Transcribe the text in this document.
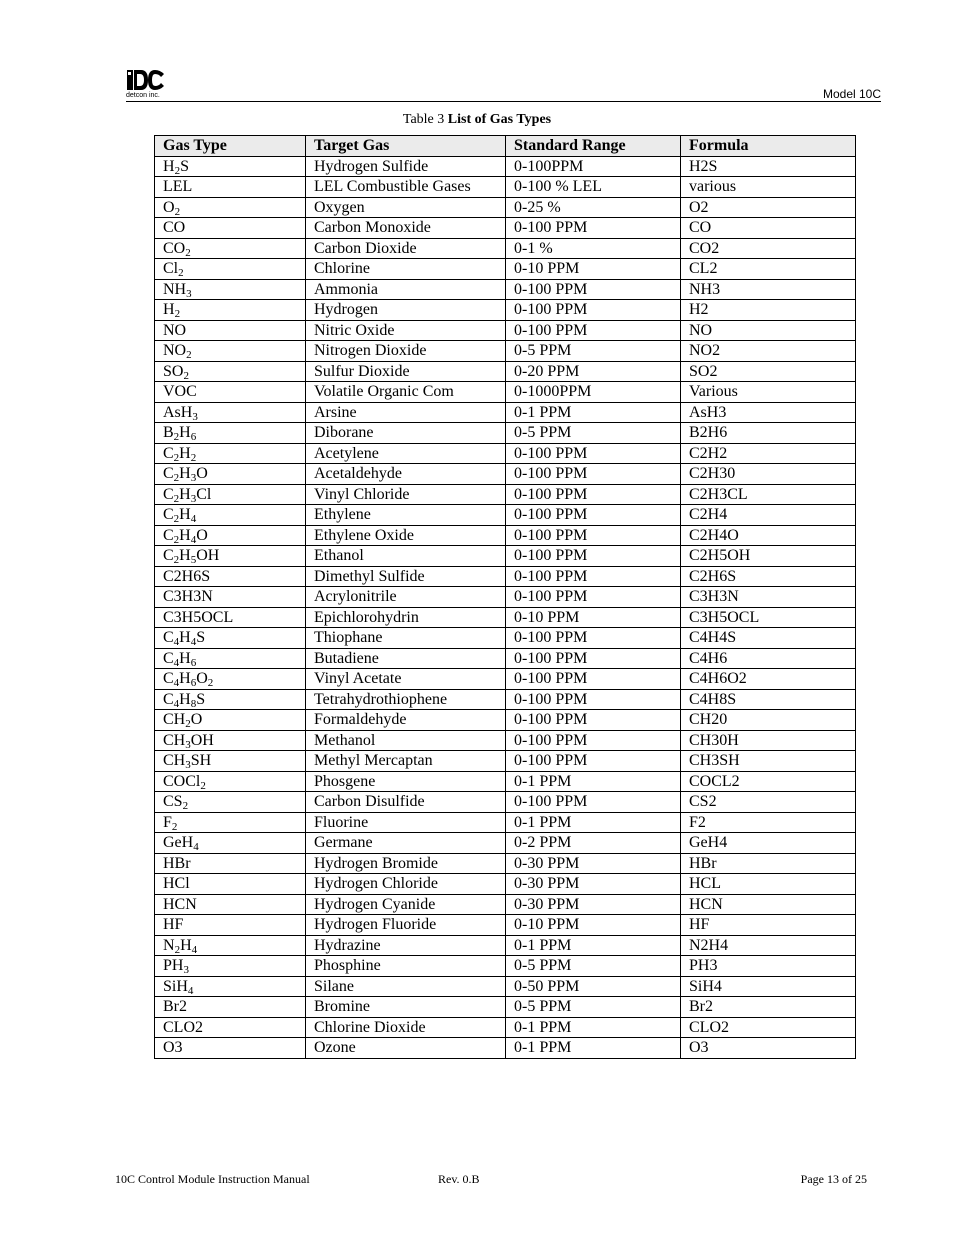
detcon inc.	Model 10C
Table 3 List of Gas Types
Gas Type	Target Gas	Standard Range	Formula
$H_2S$	Hydrogen Sulfide	0-100PPM	H2S
LEL	LEL Combustible Gases	0-100 % LEL	various
$O_2$	Oxygen	0-25 %	O2
CO	Carbon Monoxide	0-100 PPM	CO
$CO_2$	Carbon Dioxide	0-1 %	CO2
$Cl_2$	Chlorine	0-10 PPM	CL2
$NH_3$	Ammonia	0-100 PPM	NH3
$H_2$	Hydrogen	0-100 PPM	H2
NO	Nitric Oxide	0-100 PPM	NO
$NO_2$	Nitrogen Dioxide	0-5 PPM	NO2
$SO_2$	Sulfur Dioxide	0-20 PPM	SO2
VOC	Volatile Organic Com	0-1000PPM	Various
AsH$_3$	Arsine	0-1 PPM	AsH3
$B_2H_6$	Diborane	0-5 PPM	B2H6
$C_2H_2$	Acetylene	0-100 PPM	C2H2
$C_2H_3O$	Acetaldehyde	0-100 PPM	C2H30
$C_2H_3Cl$	Vinyl Chloride	0-100 PPM	C2H3CL
$C_2H_4$	Ethylene	0-100 PPM	C2H4
$C_2H_4O$	Ethylene Oxide	0-100 PPM	C2H4O
$C_2H_5OH$	Ethanol	0-100 PPM	C2H5OH
C2H6S	Dimethyl Sulfide	0-100 PPM	C2H6S
C3H3N	Acrylonitrile	0-100 PPM	C3H3N
C3H5OCL	Epichlorohydrin	0-10 PPM	C3H5OCL
$C_4H_4S$	Thiophane	0-100 PPM	C4H4S
$C_4H_6$	Butadiene	0-100 PPM	C4H6
$C_4H_6O_2$	Vinyl Acetate	0-100 PPM	C4H6O2
$C_4H_8S$	Tetrahydrothiophene	0-100 PPM	C4H8S
$CH_2O$	Formaldehyde	0-100 PPM	CH20
$CH_3OH$	Methanol	0-100 PPM	CH30H
$CH_3SH$	Methyl Mercaptan	0-100 PPM	CH3SH
COCl$_2$	Phosgene	0-1 PPM	COCL2
$CS_2$	Carbon Disulfide	0-100 PPM	CS2
$F_2$	Fluorine	0-1 PPM	F2
GeH$_4$	Germane	0-2 PPM	GeH4
HBr	Hydrogen Bromide	0-30 PPM	HBr
HCl	Hydrogen Chloride	0-30 PPM	HCL
HCN	Hydrogen Cyanide	0-30 PPM	HCN
HF	Hydrogen Fluoride	0-10 PPM	HF
$N_2H_4$	Hydrazine	0-1 PPM	N2H4
$PH_3$	Phosphine	0-5 PPM	PH3
SiH$_4$	Silane	0-50 PPM	SiH4
Br2	Bromine	0-5 PPM	Br2
CLO2	Chlorine Dioxide	0-1 PPM	CLO2
O3	Ozone	0-1 PPM	O3
10C Control Module Instruction Manual	Rev. 0.B	Page 13 of 25
